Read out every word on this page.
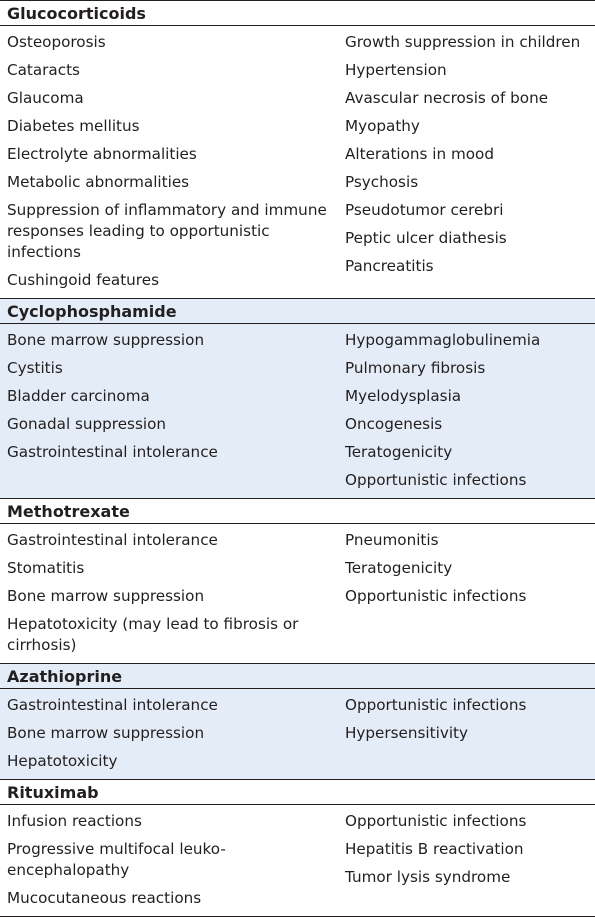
Glucocorticoids
Osteoporosis
Cataracts
Glaucoma
Diabetes mellitus
Electrolyte abnormalities
Metabolic abnormalities
Suppression of inflammatory and immune responses leading to opportunistic infections
Cushingoid features
Growth suppression in children
Hypertension
Avascular necrosis of bone
Myopathy
Alterations in mood
Psychosis
Pseudotumor cerebri
Peptic ulcer diathesis
Pancreatitis
Cyclophosphamide
Bone marrow suppression
Cystitis
Bladder carcinoma
Gonadal suppression
Gastrointestinal intolerance
Hypogammaglobulinemia
Pulmonary fibrosis
Myelodysplasia
Oncogenesis
Teratogenicity
Opportunistic infections
Methotrexate
Gastrointestinal intolerance
Stomatitis
Bone marrow suppression
Hepatotoxicity (may lead to fibrosis or cirrhosis)
Pneumonitis
Teratogenicity
Opportunistic infections
Azathioprine
Gastrointestinal intolerance
Bone marrow suppression
Hepatotoxicity
Opportunistic infections
Hypersensitivity
Rituximab
Infusion reactions
Progressive multifocal leuko-encephalopathy
Mucocutaneous reactions
Opportunistic infections
Hepatitis B reactivation
Tumor lysis syndrome
